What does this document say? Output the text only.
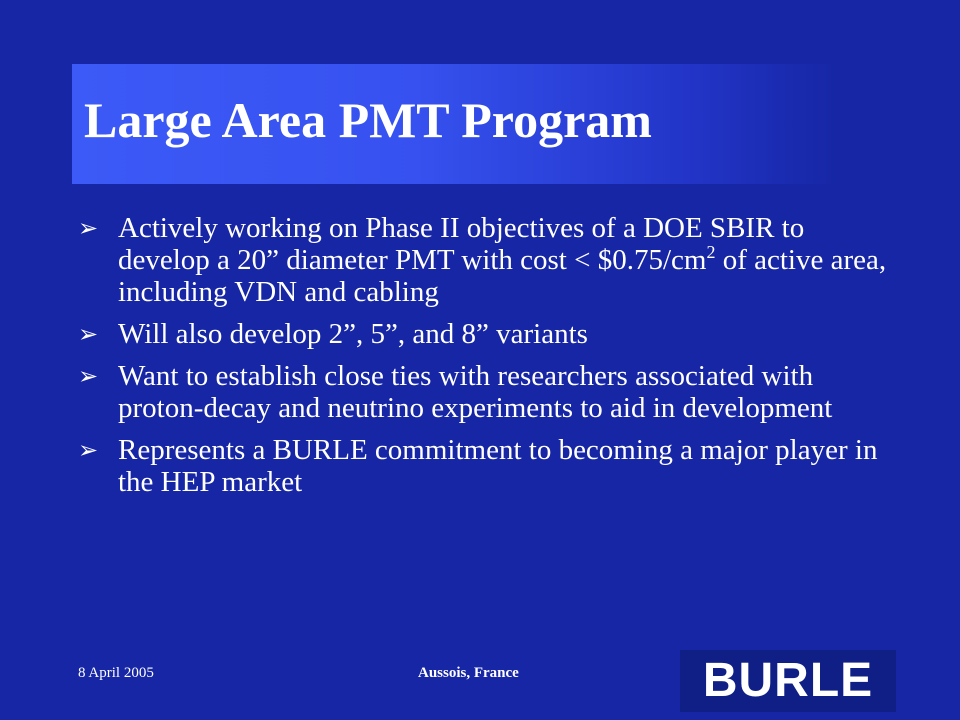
Large Area PMT Program
➢ Actively working on Phase II objectives of a DOE SBIR to develop a 20” diameter PMT with $\cos t < \$0.75/cm^2$ of active area, including VDN and cabling
➢ Will also develop 2”, 5”, and 8” variants
➢ Want to establish close ties with researchers associated with proton-decay and neutrino experiments to aid in development
➢ Represents a BURLE commitment to becoming a major player in the HEP market
8 April 2005	Aussois, France	BURLE
